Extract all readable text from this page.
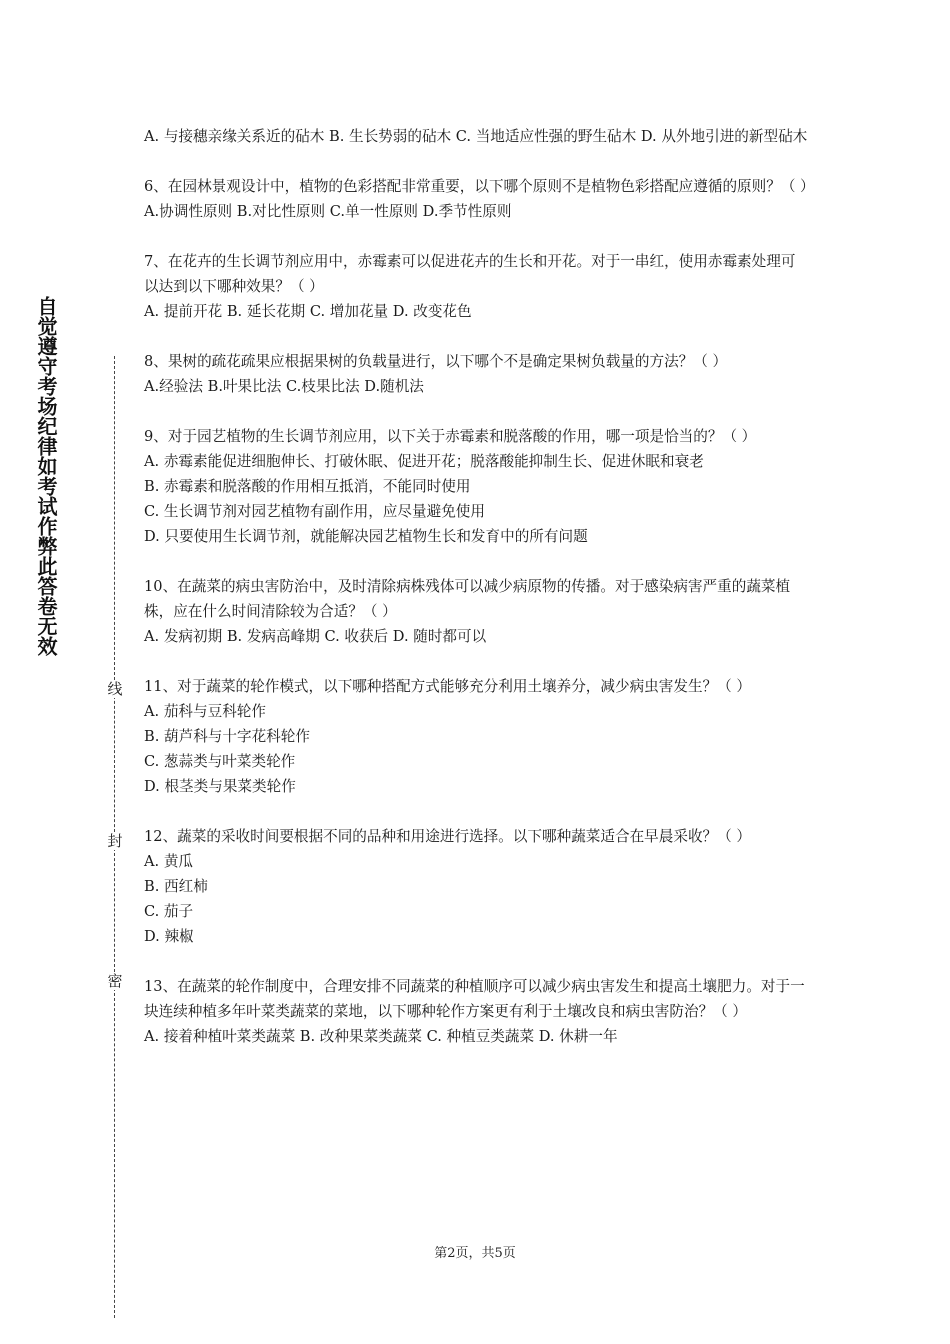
自觉遵守考场纪律如考试作弊此答卷无效
线
封
密

A. 与接穗亲缘关系近的砧木 B. 生长势弱的砧木 C. 当地适应性强的野生砧木 D. 从外地引进的新型砧木

6、在园林景观设计中，植物的色彩搭配非常重要，以下哪个原则不是植物色彩搭配应遵循的原则？（ ）

A.协调性原则 B.对比性原则 C.单一性原则 D.季节性原则

7、在花卉的生长调节剂应用中，赤霉素可以促进花卉的生长和开花。对于一串红，使用赤霉素处理可以达到以下哪种效果？（ ）

A. 提前开花 B. 延长花期 C. 增加花量 D. 改变花色

8、果树的疏花疏果应根据果树的负载量进行，以下哪个不是确定果树负载量的方法？（ ）

A.经验法 B.叶果比法 C.枝果比法 D.随机法

9、对于园艺植物的生长调节剂应用，以下关于赤霉素和脱落酸的作用，哪一项是恰当的？（ ）

A. 赤霉素能促进细胞伸长、打破休眠、促进开花；脱落酸能抑制生长、促进休眠和衰老

B. 赤霉素和脱落酸的作用相互抵消，不能同时使用

C. 生长调节剂对园艺植物有副作用，应尽量避免使用

D. 只要使用生长调节剂，就能解决园艺植物生长和发育中的所有问题

10、在蔬菜的病虫害防治中，及时清除病株残体可以减少病原物的传播。对于感染病害严重的蔬菜植株，应在什么时间清除较为合适？（ ）

A. 发病初期 B. 发病高峰期 C. 收获后 D. 随时都可以

11、对于蔬菜的轮作模式，以下哪种搭配方式能够充分利用土壤养分，减少病虫害发生？（ ）

A. 茄科与豆科轮作

B. 葫芦科与十字花科轮作

C. 葱蒜类与叶菜类轮作

D. 根茎类与果菜类轮作

12、蔬菜的采收时间要根据不同的品种和用途进行选择。以下哪种蔬菜适合在早晨采收？（ ）

A. 黄瓜

B. 西红柿

C. 茄子

D. 辣椒

13、在蔬菜的轮作制度中，合理安排不同蔬菜的种植顺序可以减少病虫害发生和提高土壤肥力。对于一块连续种植多年叶菜类蔬菜的菜地，以下哪种轮作方案更有利于土壤改良和病虫害防治？（ ）

A. 接着种植叶菜类蔬菜 B. 改种果菜类蔬菜 C. 种植豆类蔬菜 D. 休耕一年

第2页，共5页
